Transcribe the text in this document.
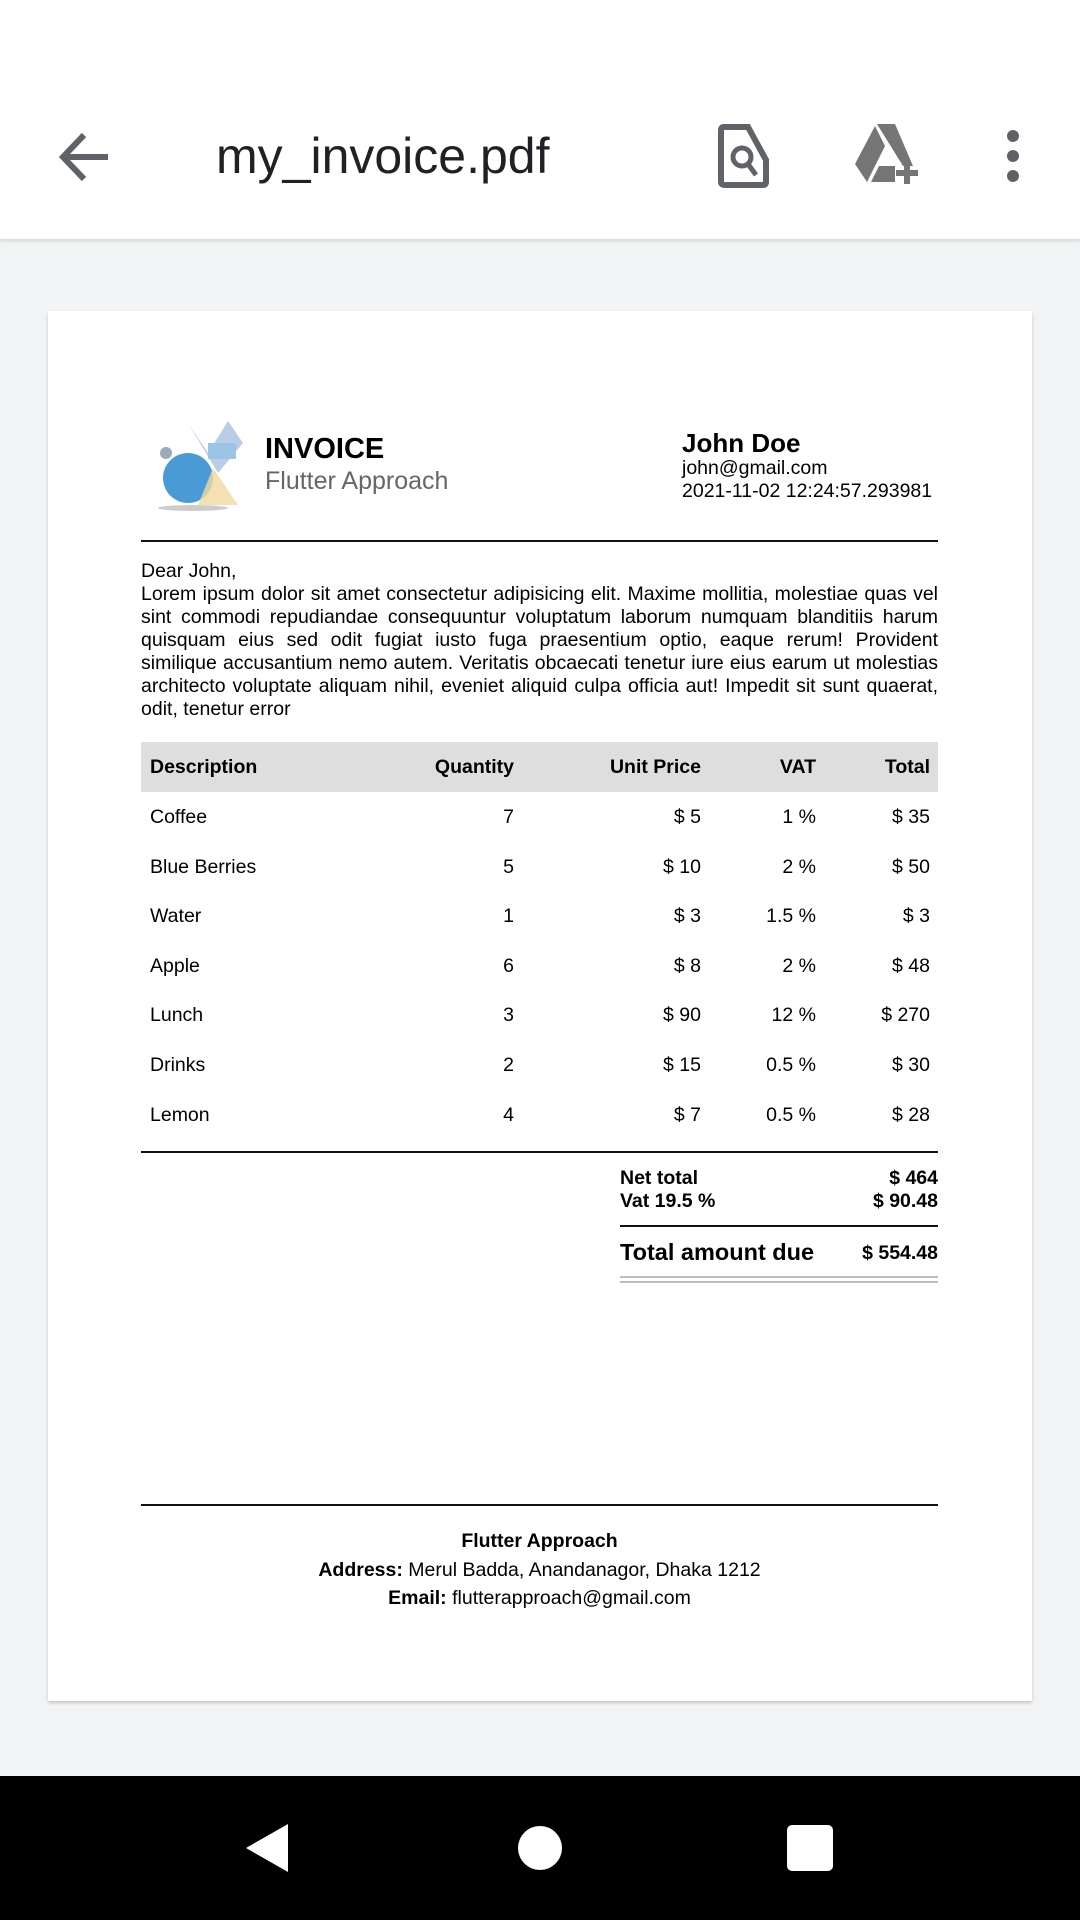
my_invoice.pdf
INVOICE
Flutter Approach
John Doe
john@gmail.com
2021-11-02 12:24:57.293981
Dear John,
Lorem ipsum dolor sit amet consectetur adipisicing elit. Maxime mollitia, molestiae quas vel sint commodi repudiandae consequuntur voluptatum laborum numquam blanditiis harum quisquam eius sed odit fugiat iusto fuga praesentium optio, eaque rerum! Provident similique accusantium nemo autem. Veritatis obcaecati tenetur iure eius earum ut molestias architecto voluptate aliquam nihil, eveniet aliquid culpa officia aut! Impedit sit sunt quaerat, odit, tenetur error
Description	Quantity	Unit Price	VAT	Total
Coffee	7	$ 5	1 %	$ 35
Blue Berries	5	$ 10	2 %	$ 50
Water	1	$ 3	1.5 %	$ 3
Apple	6	$ 8	2 %	$ 48
Lunch	3	$ 90	12 %	$ 270
Drinks	2	$ 15	0.5 %	$ 30
Lemon	4	$ 7	0.5 %	$ 28
Net total	$ 464
Vat 19.5 %	$ 90.48
Total amount due $ 554.48
Flutter Approach
Address: Merul Badda, Anandanagor, Dhaka 1212
Email: flutterapproach@gmail.com
